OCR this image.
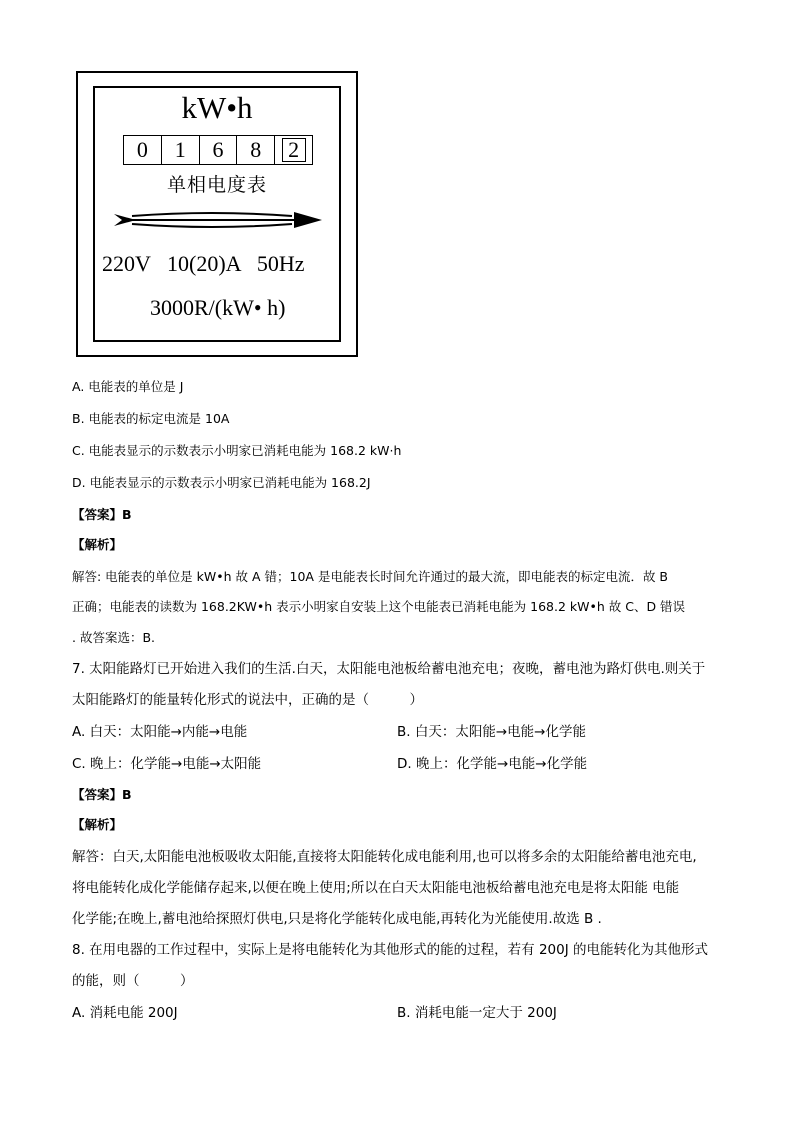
kW•h
0	1	6	8	2
单相电度表
220V   10(20)A   50Hz
3000R/(kW• h)
A. 电能表的单位是 J
B. 电能表的标定电流是 10A
C. 电能表显示的示数表示小明家已消耗电能为 168.2 kW·h
D. 电能表显示的示数表示小明家已消耗电能为 168.2J
【答案】B
【解析】
解答: 电能表的单位是 kW•h 故 A 错；10A 是电能表长时间允许通过的最大流，即电能表的标定电流．故 B
正确；电能表的读数为 168.2KW•h 表示小明家自安装上这个电能表已消耗电能为 168.2 kW•h 故 C、D 错误
. 故答案选：B.
7. 太阳能路灯已开始进入我们的生活.白天，太阳能电池板给蓄电池充电；夜晚，蓄电池为路灯供电.则关于
太阳能路灯的能量转化形式的说法中，正确的是（　　　）
A. 白天：太阳能→内能→电能	B. 白天：太阳能→电能→化学能
C. 晚上：化学能→电能→太阳能	D. 晚上：化学能→电能→化学能
【答案】B
【解析】
解答：白天,太阳能电池板吸收太阳能,直接将太阳能转化成电能利用,也可以将多余的太阳能给蓄电池充电,
将电能转化成化学能储存起来,以便在晚上使用;所以在白天太阳能电池板给蓄电池充电是将太阳能 电能
化学能;在晚上,蓄电池给探照灯供电,只是将化学能转化成电能,再转化为光能使用.故选 B .
8. 在用电器的工作过程中，实际上是将电能转化为其他形式的能的过程，若有 200J 的电能转化为其他形式
的能，则（　　　）
A. 消耗电能 200J	B. 消耗电能一定大于 200J
